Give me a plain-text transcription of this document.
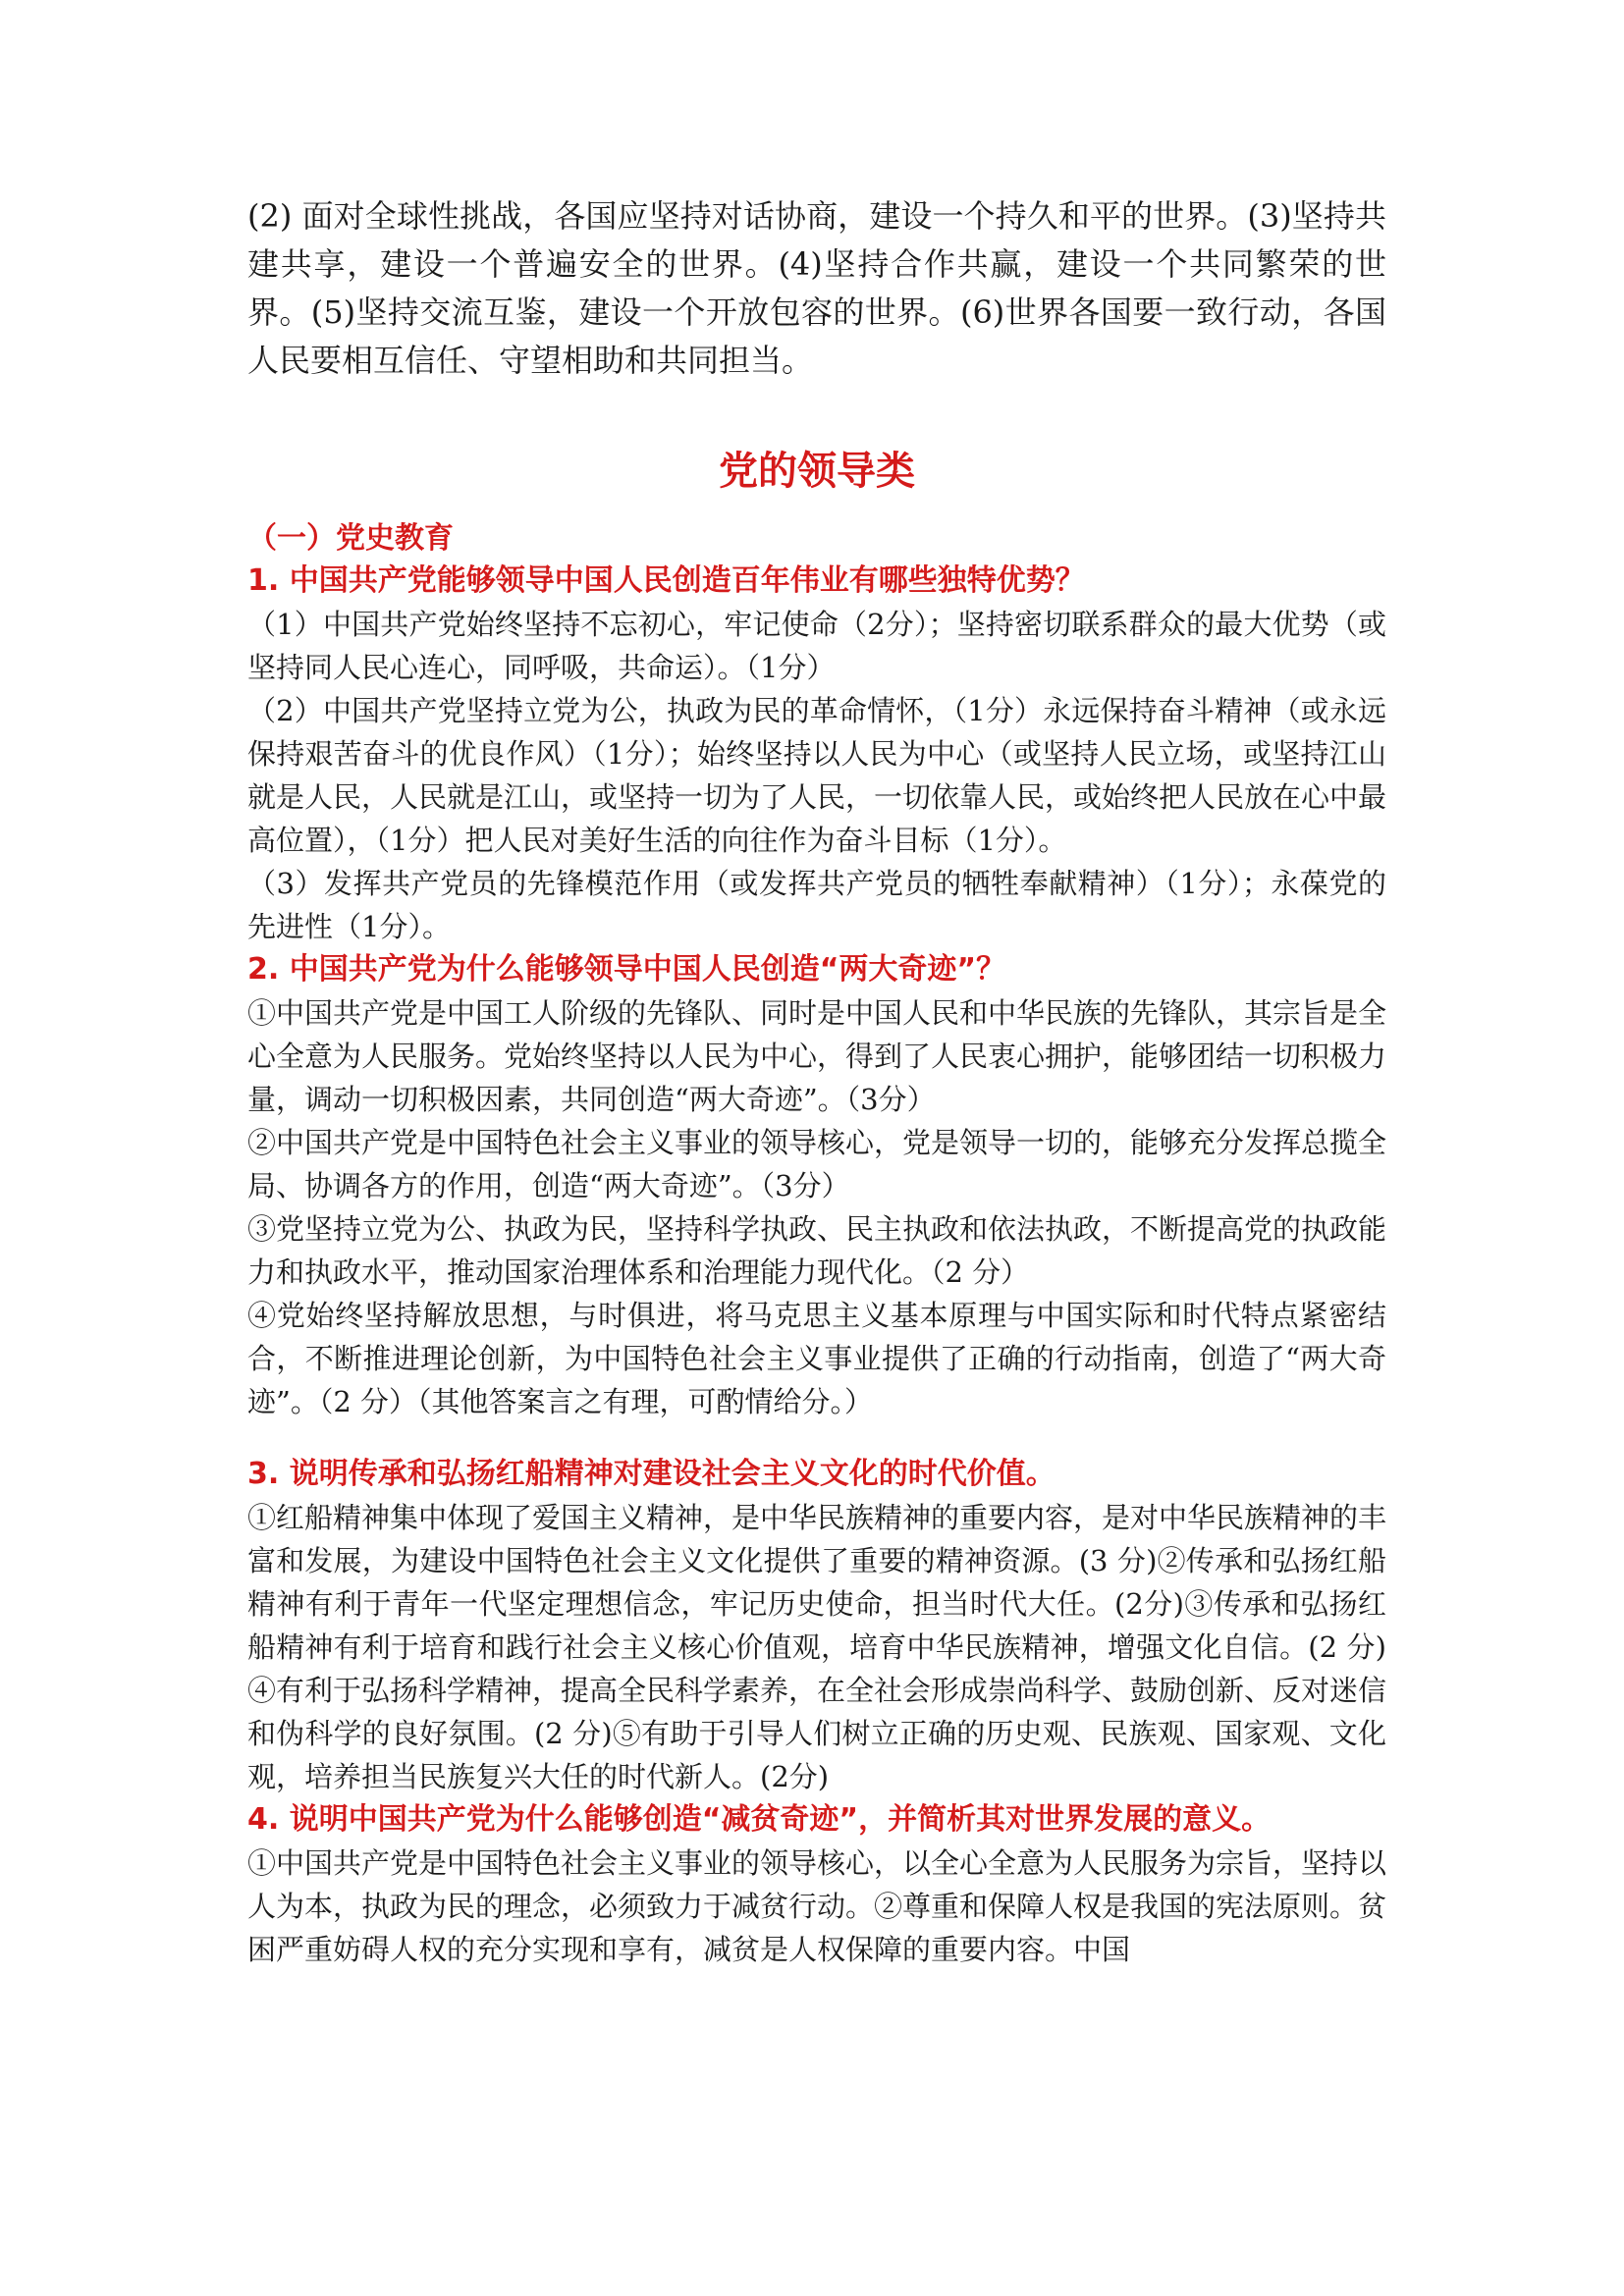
(2) 面对全球性挑战，各国应坚持对话协商，建设一个持久和平的世界。(3)坚持共建共享，建设一个普遍安全的世界。(4)坚持合作共赢，建设一个共同繁荣的世界。(5)坚持交流互鉴，建设一个开放包容的世界。(6)世界各国要一致行动，各国人民要相互信任、守望相助和共同担当。

党的领导类
（一）党史教育
1. 中国共产党能够领导中国人民创造百年伟业有哪些独特优势？

（1）中国共产党始终坚持不忘初心，牢记使命（2分）；坚持密切联系群众的最大优势（或坚持同人民心连心，同呼吸，共命运）。（1分）

（2）中国共产党坚持立党为公，执政为民的革命情怀，（1分）永远保持奋斗精神（或永远保持艰苦奋斗的优良作风）（1分）；始终坚持以人民为中心（或坚持人民立场，或坚持江山就是人民，人民就是江山，或坚持一切为了人民，一切依靠人民，或始终把人民放在心中最高位置），（1分）把人民对美好生活的向往作为奋斗目标（1分）。

（3）发挥共产党员的先锋模范作用（或发挥共产党员的牺牲奉献精神）（1分）；永葆党的先进性（1分）。

2. 中国共产党为什么能够领导中国人民创造“两大奇迹”？

①中国共产党是中国工人阶级的先锋队、同时是中国人民和中华民族的先锋队，其宗旨是全心全意为人民服务。党始终坚持以人民为中心，得到了人民衷心拥护，能够团结一切积极力量，调动一切积极因素，共同创造“两大奇迹”。（3分）

②中国共产党是中国特色社会主义事业的领导核心，党是领导一切的，能够充分发挥总揽全局、协调各方的作用，创造“两大奇迹”。（3分）

③党坚持立党为公、执政为民，坚持科学执政、民主执政和依法执政，不断提高党的执政能力和执政水平，推动国家治理体系和治理能力现代化。（2 分）

④党始终坚持解放思想，与时俱进，将马克思主义基本原理与中国实际和时代特点紧密结合，不断推进理论创新，为中国特色社会主义事业提供了正确的行动指南，创造了“两大奇迹”。（2 分）（其他答案言之有理，可酌情给分。）

3. 说明传承和弘扬红船精神对建设社会主义文化的时代价值。

①红船精神集中体现了爱国主义精神，是中华民族精神的重要内容，是对中华民族精神的丰富和发展，为建设中国特色社会主义文化提供了重要的精神资源。(3 分)②传承和弘扬红船精神有利于青年一代坚定理想信念，牢记历史使命，担当时代大任。(2分)③传承和弘扬红船精神有利于培育和践行社会主义核心价值观，培育中华民族精神，增强文化自信。(2 分)④有利于弘扬科学精神，提高全民科学素养，在全社会形成崇尚科学、鼓励创新、反对迷信和伪科学的良好氛围。(2 分)⑤有助于引导人们树立正确的历史观、民族观、国家观、文化观，培养担当民族复兴大任的时代新人。(2分)

4. 说明中国共产党为什么能够创造“减贫奇迹”，并简析其对世界发展的意义。

①中国共产党是中国特色社会主义事业的领导核心，以全心全意为人民服务为宗旨，坚持以人为本，执政为民的理念，必须致力于减贫行动。②尊重和保障人权是我国的宪法原则。贫困严重妨碍人权的充分实现和享有，减贫是人权保障的重要内容。中国
